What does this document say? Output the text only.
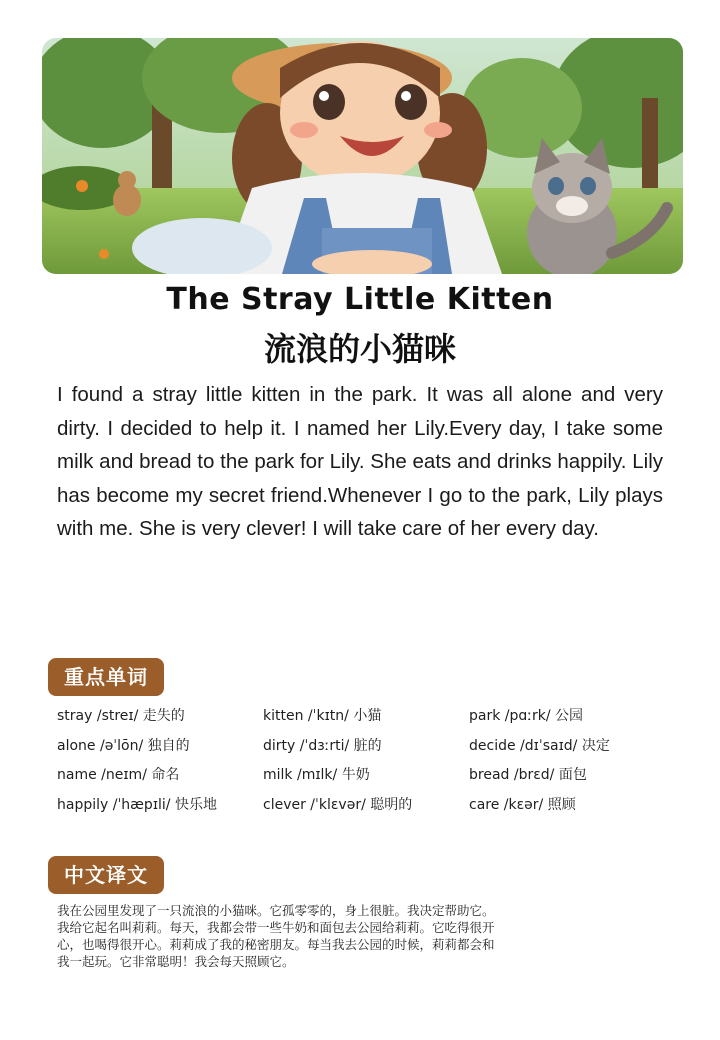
The Stray Little Kitten
流浪的小猫咪
I found a stray little kitten in the park. It was all alone and very dirty. I decided to help it. I named her Lily.Every day, I take some milk and bread to the park for Lily. She eats and drinks happily. Lily has become my secret friend.Whenever I go to the park, Lily plays with me. She is very clever! I will take care of her every day.
重点单词
stray /streɪ/ 走失的	kitten /ˈkɪtn/ 小猫	park /pɑːrk/ 公园
alone /əˈlōn/ 独自的	dirty /ˈdɜːrti/ 脏的	decide /dɪˈsaɪd/ 决定
name /neɪm/ 命名	milk /mɪlk/ 牛奶	bread /brɛd/ 面包
happily /ˈhæpɪli/ 快乐地	clever /ˈklɛvər/ 聪明的	care /kɛər/ 照顾
中文译文
我在公园里发现了一只流浪的小猫咪。它孤零零的，身上很脏。我决定帮助它。
我给它起名叫莉莉。每天，我都会带一些牛奶和面包去公园给莉莉。它吃得很开
心，也喝得很开心。莉莉成了我的秘密朋友。每当我去公园的时候，莉莉都会和
我一起玩。它非常聪明！我会每天照顾它。
